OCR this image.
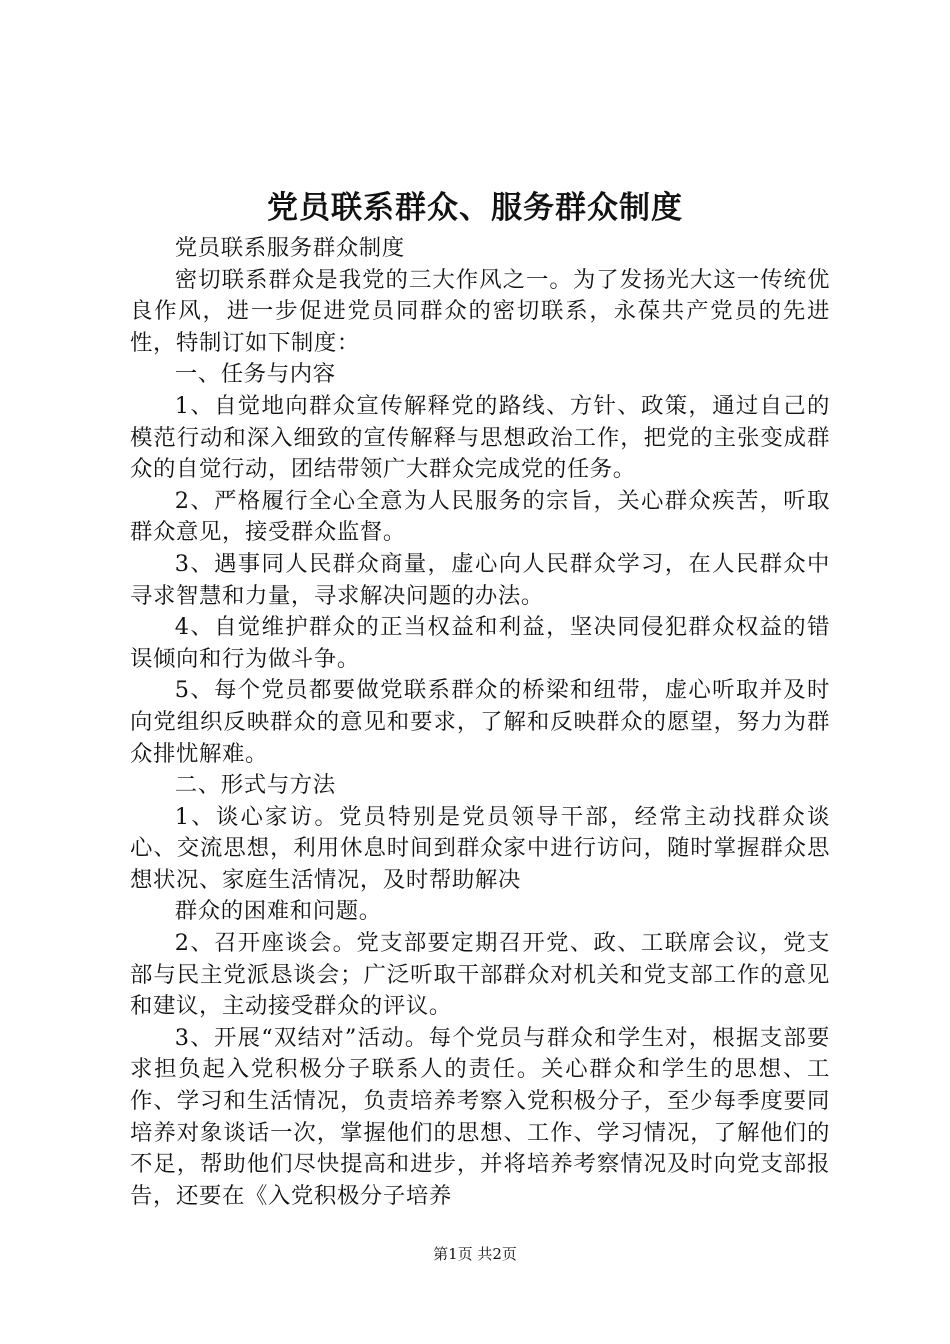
党员联系群众、服务群众制度

党员联系服务群众制度

密切联系群众是我党的三大作风之一。为了发扬光大这一传统优良作风，进一步促进党员同群众的密切联系，永葆共产党员的先进性，特制订如下制度：

一、任务与内容

1、自觉地向群众宣传解释党的路线、方针、政策，通过自己的模范行动和深入细致的宣传解释与思想政治工作，把党的主张变成群众的自觉行动，团结带领广大群众完成党的任务。

2、严格履行全心全意为人民服务的宗旨，关心群众疾苦，听取群众意见，接受群众监督。

3、遇事同人民群众商量，虚心向人民群众学习，在人民群众中寻求智慧和力量，寻求解决问题的办法。

4、自觉维护群众的正当权益和利益，坚决同侵犯群众权益的错误倾向和行为做斗争。

5、每个党员都要做党联系群众的桥梁和纽带，虚心听取并及时向党组织反映群众的意见和要求，了解和反映群众的愿望，努力为群众排忧解难。

二、形式与方法

1、谈心家访。党员特别是党员领导干部，经常主动找群众谈心、交流思想，利用休息时间到群众家中进行访问，随时掌握群众思想状况、家庭生活情况，及时帮助解决

群众的困难和问题。

2、召开座谈会。党支部要定期召开党、政、工联席会议，党支部与民主党派恳谈会；广泛听取干部群众对机关和党支部工作的意见和建议，主动接受群众的评议。

3、开展“双结对”活动。每个党员与群众和学生对，根据支部要求担负起入党积极分子联系人的责任。关心群众和学生的思想、工作、学习和生活情况，负责培养考察入党积极分子，至少每季度要同培养对象谈话一次，掌握他们的思想、工作、学习情况，了解他们的不足，帮助他们尽快提高和进步，并将培养考察情况及时向党支部报告，还要在《入党积极分子培养

第1页 共2页
